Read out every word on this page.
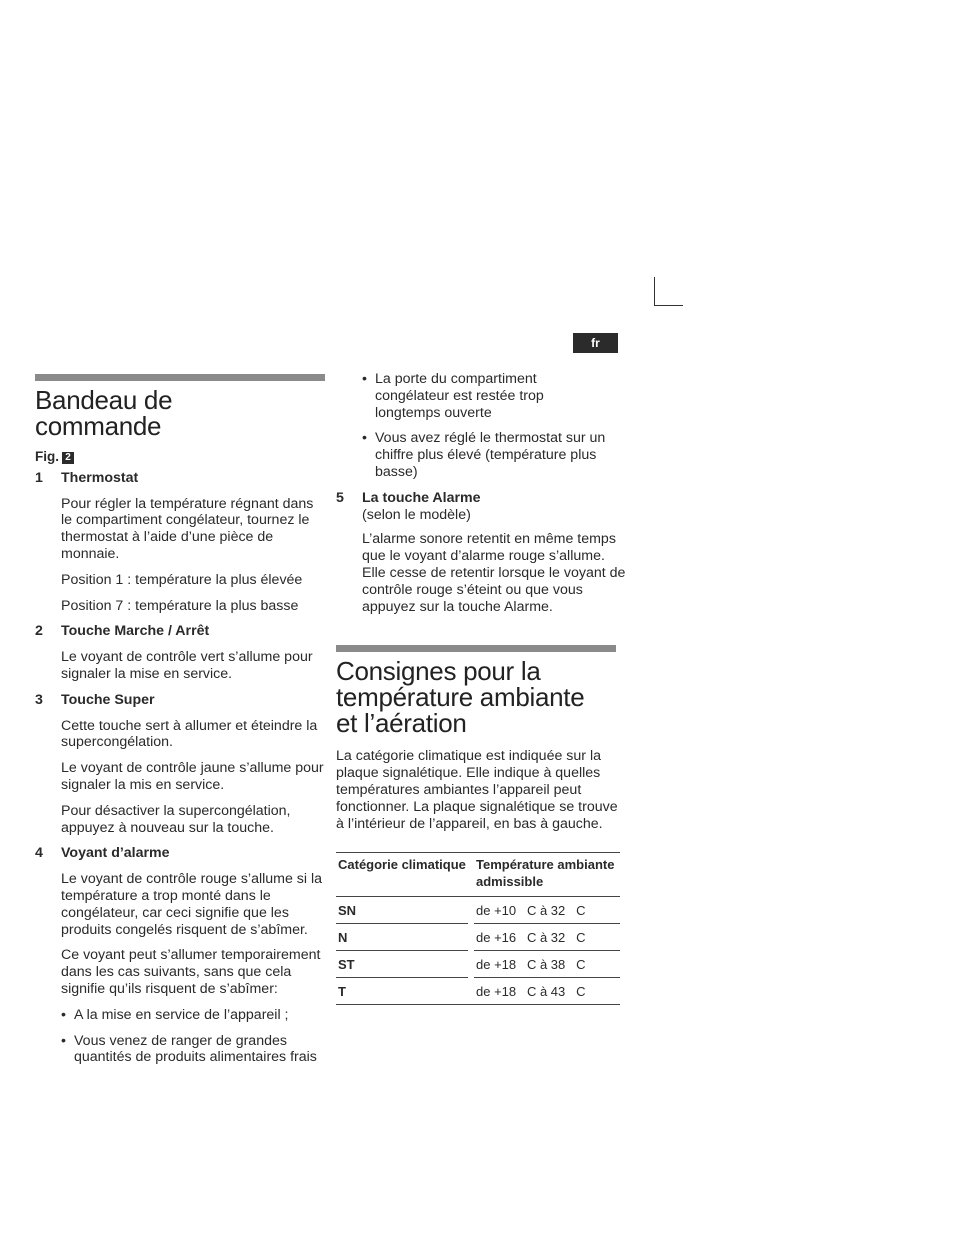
fr
Bandeau de
commande

Fig. 2

1 Thermostat

Pour régler la température régnant dans le compartiment congélateur, tournez le thermostat à l’aide d’une pièce de monnaie.

Position 1 : température la plus élevée

Position 7 : température la plus basse

2 Touche Marche / Arrêt

Le voyant de contrôle vert s’allume pour signaler la mise en service.

3 Touche Super

Cette touche sert à allumer et éteindre la supercongélation.

Le voyant de contrôle jaune s’allume pour signaler la mis en service.

Pour désactiver la supercongélation, appuyez à nouveau sur la touche.

4 Voyant d’alarme

Le voyant de contrôle rouge s’allume si la température a trop monté dans le congélateur, car ceci signifie que les produits congelés risquent de s’abîmer.

Ce voyant peut s’allumer temporairement dans les cas suivants, sans que cela signifie qu’ils risquent de s’abîmer:

• A la mise en service de l’appareil ;
• Vous venez de ranger de grandes quantités de produits alimentaires frais
• La porte du compartiment congélateur est restée trop longtemps ouverte
• Vous avez réglé le thermostat sur un chiffre plus élevé (température plus basse)
5 La touche Alarme
(selon le modèle)

L’alarme sonore retentit en même temps que le voyant d’alarme rouge s’allume. Elle cesse de retentir lorsque le voyant de contrôle rouge s’éteint ou que vous appuyez sur la touche Alarme.

Consignes pour la
température ambiante
et l’aération

La catégorie climatique est indiquée sur la plaque signalétique. Elle indique à quelles températures ambiantes l’appareil peut fonctionner. La plaque signalétique se trouve à l’intérieur de l’appareil, en bas à gauche.

Catégorie climatique		Température ambiante admissible
SN		de +10   C à 32   C
N		de +16   C à 32   C
ST		de +18   C à 38   C
T		de +18   C à 43   C
